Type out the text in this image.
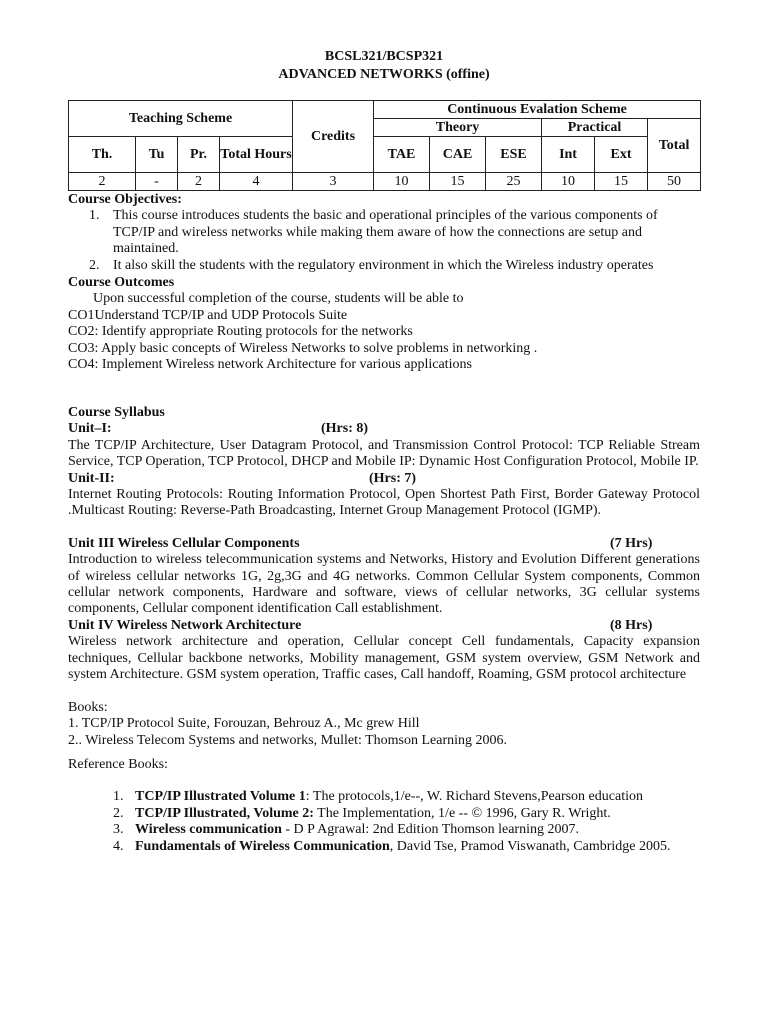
BCSL321/BCSP321
ADVANCED NETWORKS (offine)
Teaching Scheme				Credits	Continuous Evalation Scheme					
					Theory			Practical		Total
Th.	Tu	Pr.	Total Hours		TAE	CAE	ESE	Int	Ext	
2	-	2	4	3	10	15	25	10	15	50
Course Objectives:
1. This course introduces students the basic and operational principles of the various components of TCP/IP and wireless networks while making them aware of how the connections are setup and maintained.
2. It also skill the students with the regulatory environment in which the Wireless industry operates
Course Outcomes
Upon successful completion of the course, students will be able to
CO1Understand TCP/IP and UDP Protocols Suite
CO2: Identify appropriate Routing protocols for the networks
CO3: Apply basic concepts of Wireless Networks to solve problems in networking .
CO4: Implement Wireless network Architecture for various applications
Course Syllabus
Unit–I:	(Hrs: 8)
The TCP/IP Architecture, User Datagram Protocol, and Transmission Control Protocol: TCP Reliable Stream Service, TCP Operation, TCP Protocol, DHCP and Mobile IP: Dynamic Host Configuration Protocol, Mobile IP.
Unit-II:	(Hrs: 7)
Internet Routing Protocols: Routing Information Protocol, Open Shortest Path First, Border Gateway Protocol .Multicast Routing: Reverse-Path Broadcasting, Internet Group Management Protocol (IGMP).
Unit III Wireless Cellular Components	(7 Hrs)
Introduction to wireless telecommunication systems and Networks, History and Evolution Different generations of wireless cellular networks 1G, 2g,3G and 4G networks. Common Cellular System components, Common cellular network components, Hardware and software, views of cellular networks, 3G cellular systems components, Cellular component identification Call establishment.
Unit IV Wireless Network Architecture	(8 Hrs)
Wireless network architecture and operation, Cellular concept Cell fundamentals, Capacity expansion techniques, Cellular backbone networks, Mobility management, GSM system overview, GSM Network and system Architecture. GSM system operation, Traffic cases, Call handoff, Roaming, GSM protocol architecture
Books:
1. TCP/IP Protocol Suite, Forouzan, Behrouz A., Mc grew Hill
2.. Wireless Telecom Systems and networks, Mullet: Thomson Learning 2006.
Reference Books:
1. TCP/IP Illustrated Volume 1: The protocols,1/e--, W. Richard Stevens,Pearson education
2. TCP/IP Illustrated, Volume 2: The Implementation, 1/e -- © 1996, Gary R. Wright.
3. Wireless communication - D P Agrawal: 2nd Edition Thomson learning 2007.
4. Fundamentals of Wireless Communication, David Tse, Pramod Viswanath, Cambridge 2005.
